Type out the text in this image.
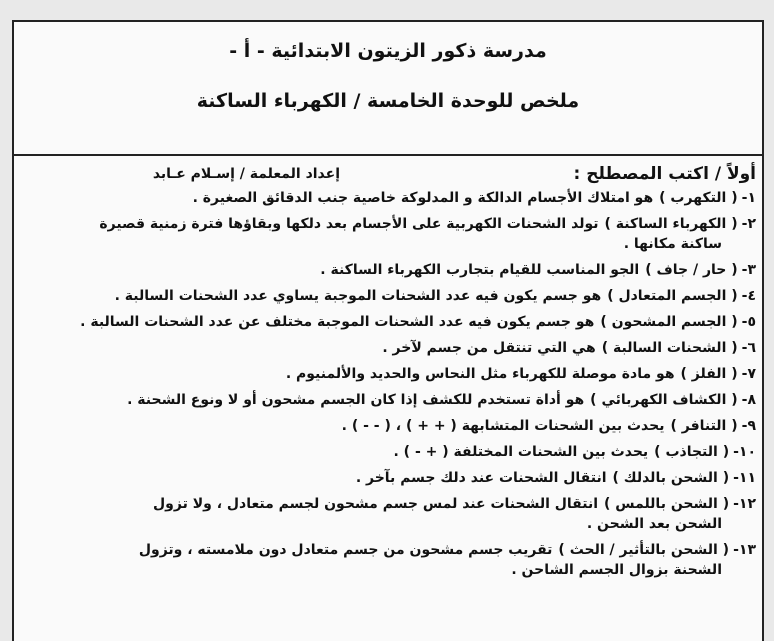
مدرسة ذكور الزيتون الابتدائية - أ -
ملخص للوحدة الخامسة / الكهرباء الساكنة
أولاً / اكتب المصطلح :
إعداد المعلمة / إسـلام عـابد
١-( التكهرب )هو امتلاك الأجسام الدالكة و المدلوكة خاصية جنب الدقائق الصغيرة .
٢-( الكهرباء الساكنة )تولد الشحنات الكهربية على الأجسام بعد دلكها وبقاؤها فترة زمنية قصيرة
ساكنة مكانها .
٣-( حار / جاف )الجو المناسب للقيام بتجارب الكهرباء الساكنة .
٤-( الجسم المتعادل )هو جسم يكون فيه عدد الشحنات الموجبة يساوي عدد الشحنات السالبة .
٥-( الجسم المشحون )هو جسم يكون فيه عدد الشحنات الموجبة مختلف عن عدد الشحنات السالبة .
٦-( الشحنات السالبة )هي التي تنتقل من جسم لآخر .
٧-( الفلز )هو مادة موصلة للكهرباء مثل النحاس والحديد والألمنيوم .
٨-( الكشاف الكهربائي )هو أداة تستخدم للكشف إذا كان الجسم مشحون أو لا ونوع الشحنة .
٩-( التنافر )يحدث بين الشحنات المتشابهة ( + + ) ، ( - - ) .
١٠-( التجاذب )يحدث بين الشحنات المختلفة ( + - ) .
١١-( الشحن بالدلك )انتقال الشحنات عند دلك جسم بآخر .
١٢-( الشحن باللمس )انتقال الشحنات عند لمس جسم مشحون لجسم متعادل ، ولا تزول
الشحن بعد الشحن .
١٣-( الشحن بالتأثير / الحث )تقريب جسم مشحون من جسم متعادل دون ملامسته ، وتزول
الشحنة بزوال الجسم الشاحن .
